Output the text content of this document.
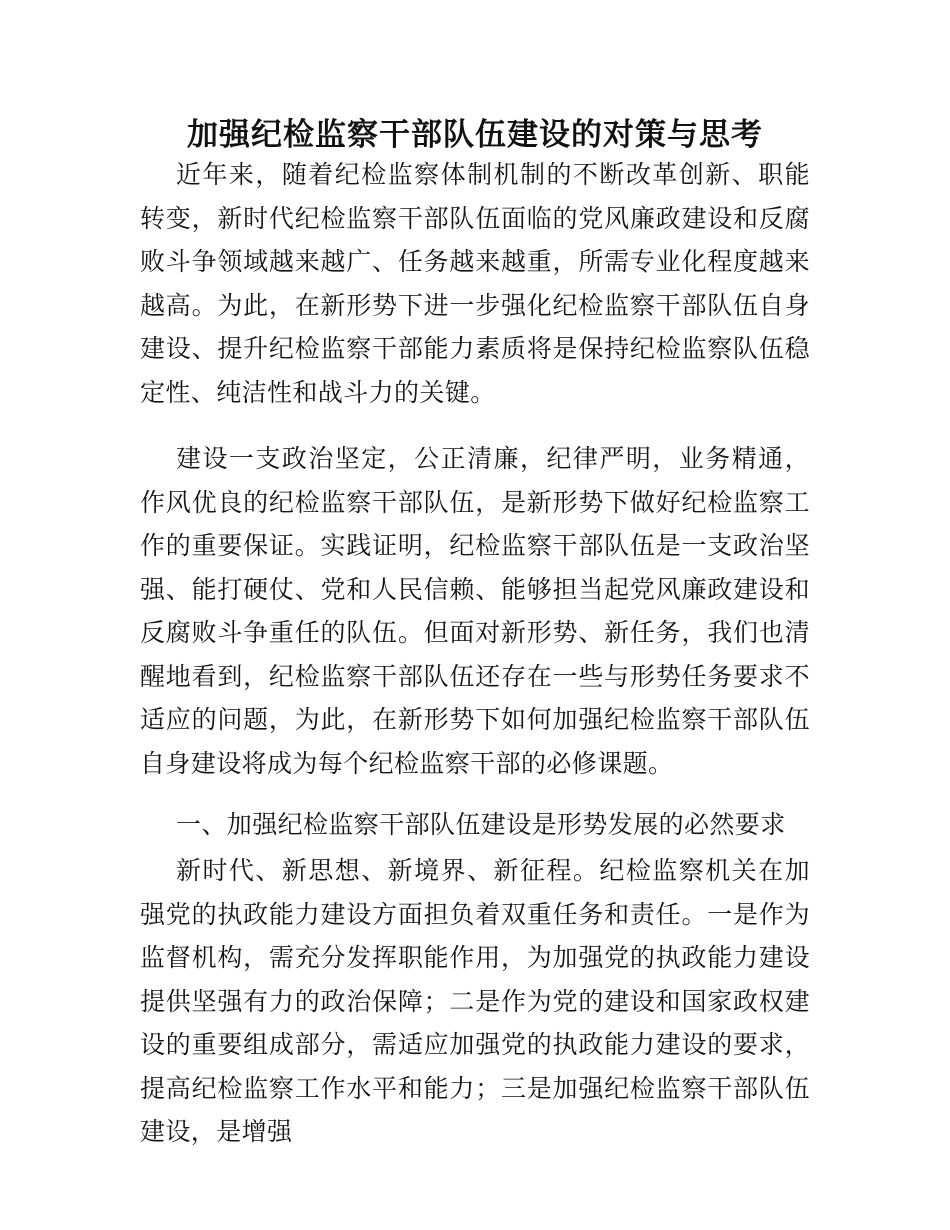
加强纪检监察干部队伍建设的对策与思考

近年来，随着纪检监察体制机制的不断改革创新、职能转变，新时代纪检监察干部队伍面临的党风廉政建设和反腐败斗争领域越来越广、任务越来越重，所需专业化程度越来越高。为此，在新形势下进一步强化纪检监察干部队伍自身建设、提升纪检监察干部能力素质将是保持纪检监察队伍稳定性、纯洁性和战斗力的关键。

建设一支政治坚定，公正清廉，纪律严明，业务精通，作风优良的纪检监察干部队伍，是新形势下做好纪检监察工作的重要保证。实践证明，纪检监察干部队伍是一支政治坚强、能打硬仗、党和人民信赖、能够担当起党风廉政建设和反腐败斗争重任的队伍。但面对新形势、新任务，我们也清醒地看到，纪检监察干部队伍还存在一些与形势任务要求不适应的问题，为此，在新形势下如何加强纪检监察干部队伍自身建设将成为每个纪检监察干部的必修课题。

一、加强纪检监察干部队伍建设是形势发展的必然要求

新时代、新思想、新境界、新征程。纪检监察机关在加强党的执政能力建设方面担负着双重任务和责任。一是作为监督机构，需充分发挥职能作用，为加强党的执政能力建设提供坚强有力的政治保障；二是作为党的建设和国家政权建设的重要组成部分，需适应加强党的执政能力建设的要求，提高纪检监察工作水平和能力；三是加强纪检监察干部队伍建设，是增强
